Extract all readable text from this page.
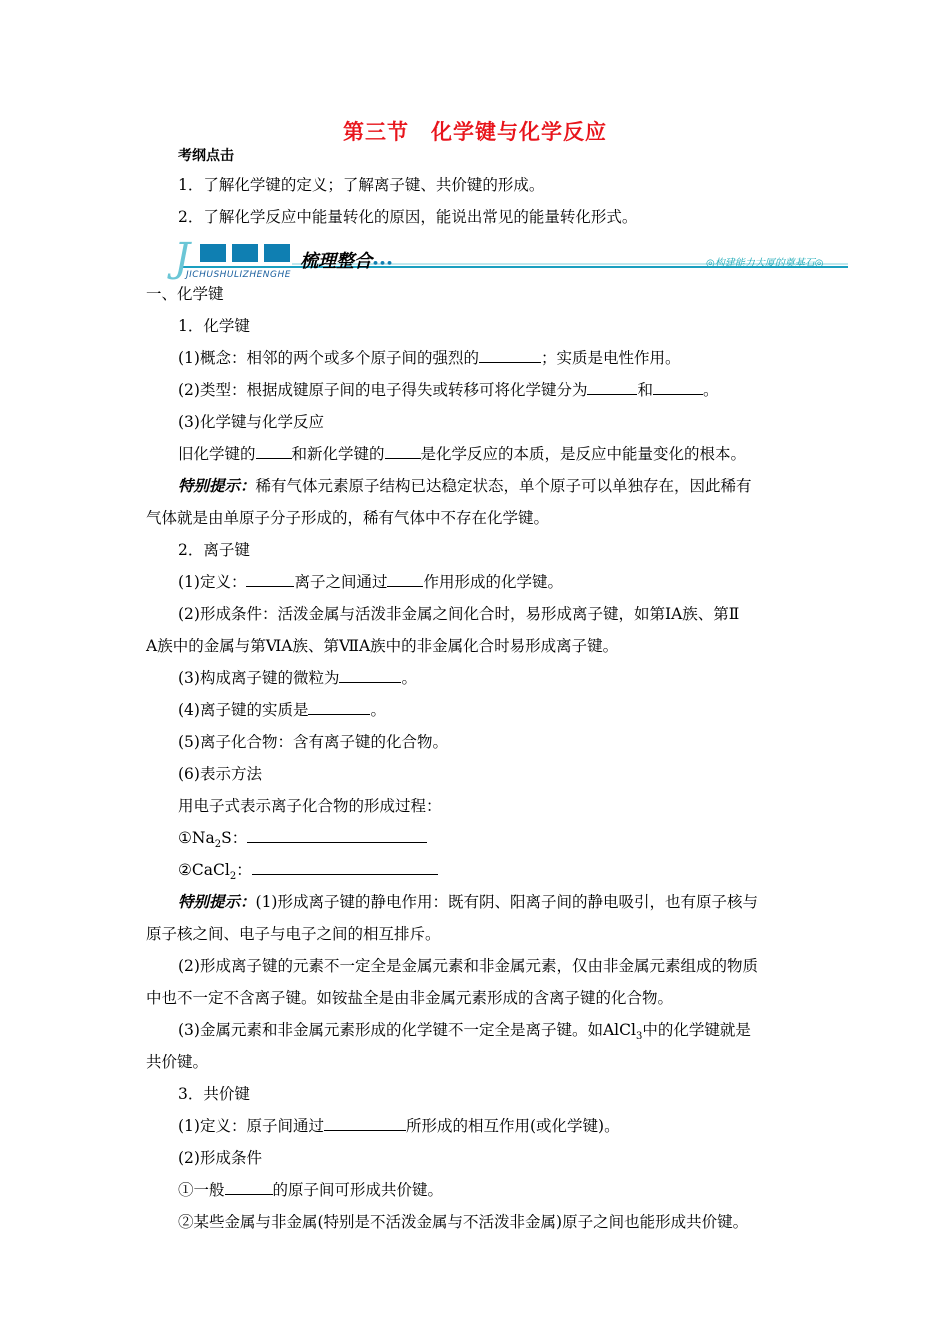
第三节　化学键与化学反应
考纲点击
1．了解化学键的定义；了解离子键、共价键的形成。
2．了解化学反应中能量转化的原因，能说出常见的能量转化形式。
J	梳理整合•••
JICHUSHULIZHENGHE
◎构建能力大厦的奠基石◎
一、化学键
1．化学键
(1)概念：相邻的两个或多个原子间的强烈的	；实质是电性作用。
(2)类型：根据成键原子间的电子得失或转移可将化学键分为	和	。
(3)化学键与化学反应
旧化学键的 和新化学键的 是化学反应的本质，是反应中能量变化的根本。
特别提示：稀有气体元素原子结构已达稳定状态，单个原子可以单独存在，因此稀有
气体就是由单原子分子形成的，稀有气体中不存在化学键。
2．离子键
(1)定义：	离子之间通过 作用形成的化学键。
(2)形成条件：活泼金属与活泼非金属之间化合时，易形成离子键，如第ⅠA族、第Ⅱ
A族中的金属与第ⅥA族、第ⅦA族中的非金属化合时易形成离子键。
(3)构成离子键的微粒为	。
(4)离子键的实质是	。
(5)离子化合物：含有离子键的化合物。
(6)表示方法
用电子式表示离子化合物的形成过程：
$①Na_2S$：
②CaCl$_2$：
特别提示：(1)形成离子键的静电作用：既有阴、阳离子间的静电吸引，也有原子核与
原子核之间、电子与电子之间的相互排斥。
(2)形成离子键的元素不一定全是金属元素和非金属元素，仅由非金属元素组成的物质
中也不一定不含离子键。如铵盐全是由非金属元素形成的含离子键的化合物。
(3)金属元素和非金属元素形成的化学键不一定全是离子键。如AlCl$_3$中的化学键就是
共价键。
3．共价键
(1)定义：原子间通过	所形成的相互作用(或化学键)。
(2)形成条件
①一般	的原子间可形成共价键。
②某些金属与非金属(特别是不活泼金属与不活泼非金属)原子之间也能形成共价键。
